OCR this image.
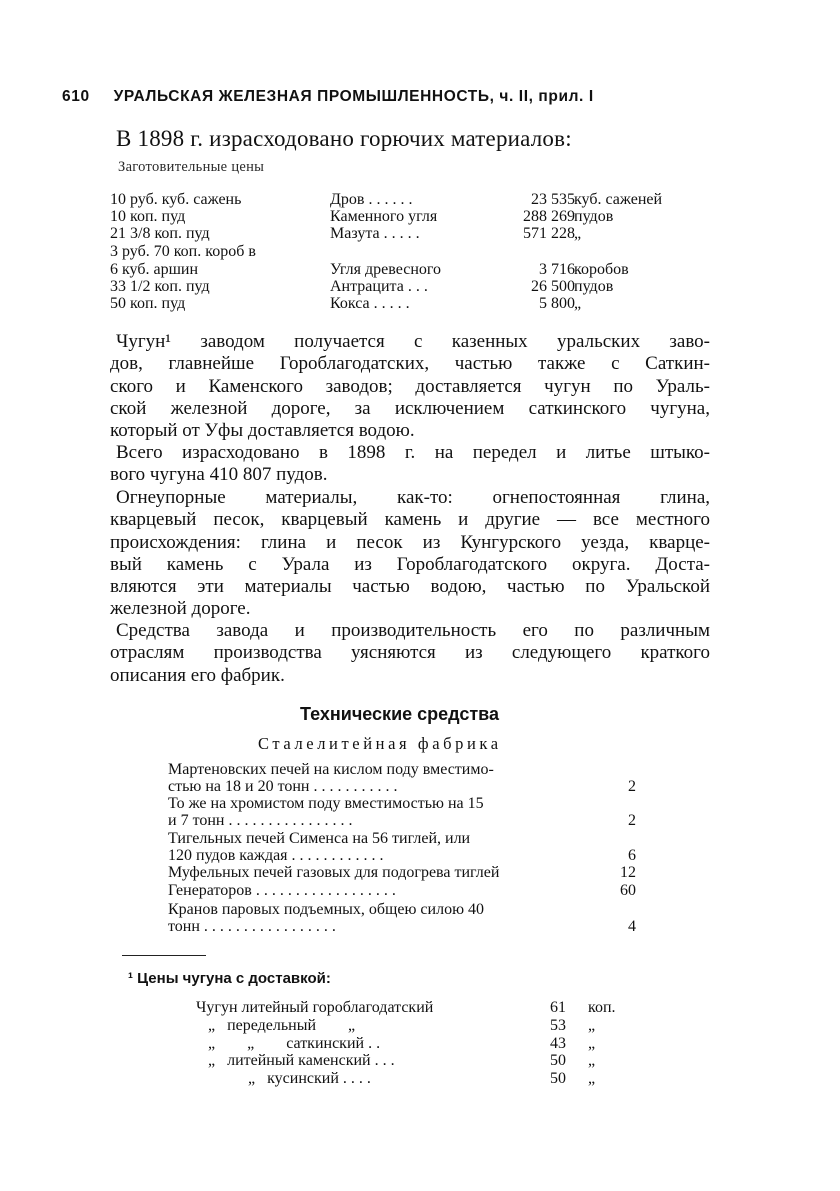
610 УРАЛЬСКАЯ ЖЕЛЕЗНАЯ ПРОМЫШЛЕННОСТЬ, ч. II, прил. I
В 1898 г. израсходовано горючих материалов:
Заготовительные цены
10 руб. куб. сажень	Дров . . . . . .	23 535 куб. саженей
10 коп. пуд	Каменного угля	288 269 пудов
21 3/8 коп. пуд	Мазута . . . . .	571 228 „
3 руб. 70 коп. короб в
6 куб. аршин	Угля древесного	3 716 коробов
33 1/2 коп. пуд	Антрацита . . .	26 500 пудов
50 коп. пуд	Кокса . . . . .	5 800 „
Чугун¹ заводом получается с казенных уральских заво-
дов, главнейше Гороблагодатских, частью также с Саткин-
ского и Каменского заводов; доставляется чугун по Ураль-
ской железной дороге, за исключением саткинского чугуна,
который от Уфы доставляется водою.
Всего израсходовано в 1898 г. на передел и литье штыко-
вого чугуна 410 807 пудов.
Огнеупорные материалы, как-то: огнепостоянная глина,
кварцевый песок, кварцевый камень и другие — все местного
происхождения: глина и песок из Кунгурского уезда, кварце-
вый камень с Урала из Гороблагодатского округа. Доста-
вляются эти материалы частью водою, частью по Уральской
железной дороге.
Средства завода и производительность его по различным
отраслям производства уясняются из следующего краткого
описания его фабрик.
Технические средства
Сталелитейная фабрика
Мартеновских печей на кислом поду вместимо-
стью на 18 и 20 тонн . . . . . . . . . . .	2
То же на хромистом поду вместимостью на 15
и 7 тонн . . . . . . . . . . . . . . . .	2
Тигельных печей Сименса на 56 тиглей, или
120 пудов каждая . . . . . . . . . . . .	6
Муфельных печей газовых для подогрева тиглей	12
Генераторов . . . . . . . . . . . . . . . . . .	60
Кранов паровых подъемных, общею силою 40
тонн . . . . . . . . . . . . . . . . .	4
¹ Цены чугуна с доставкой:
Чугун литейный гороблагодатский	61 коп.
„   передельный        „	53 „
„        „        саткинский . .	43 „
„   литейный каменский . . .	50 „
„   кусинский . . . .	50 „
